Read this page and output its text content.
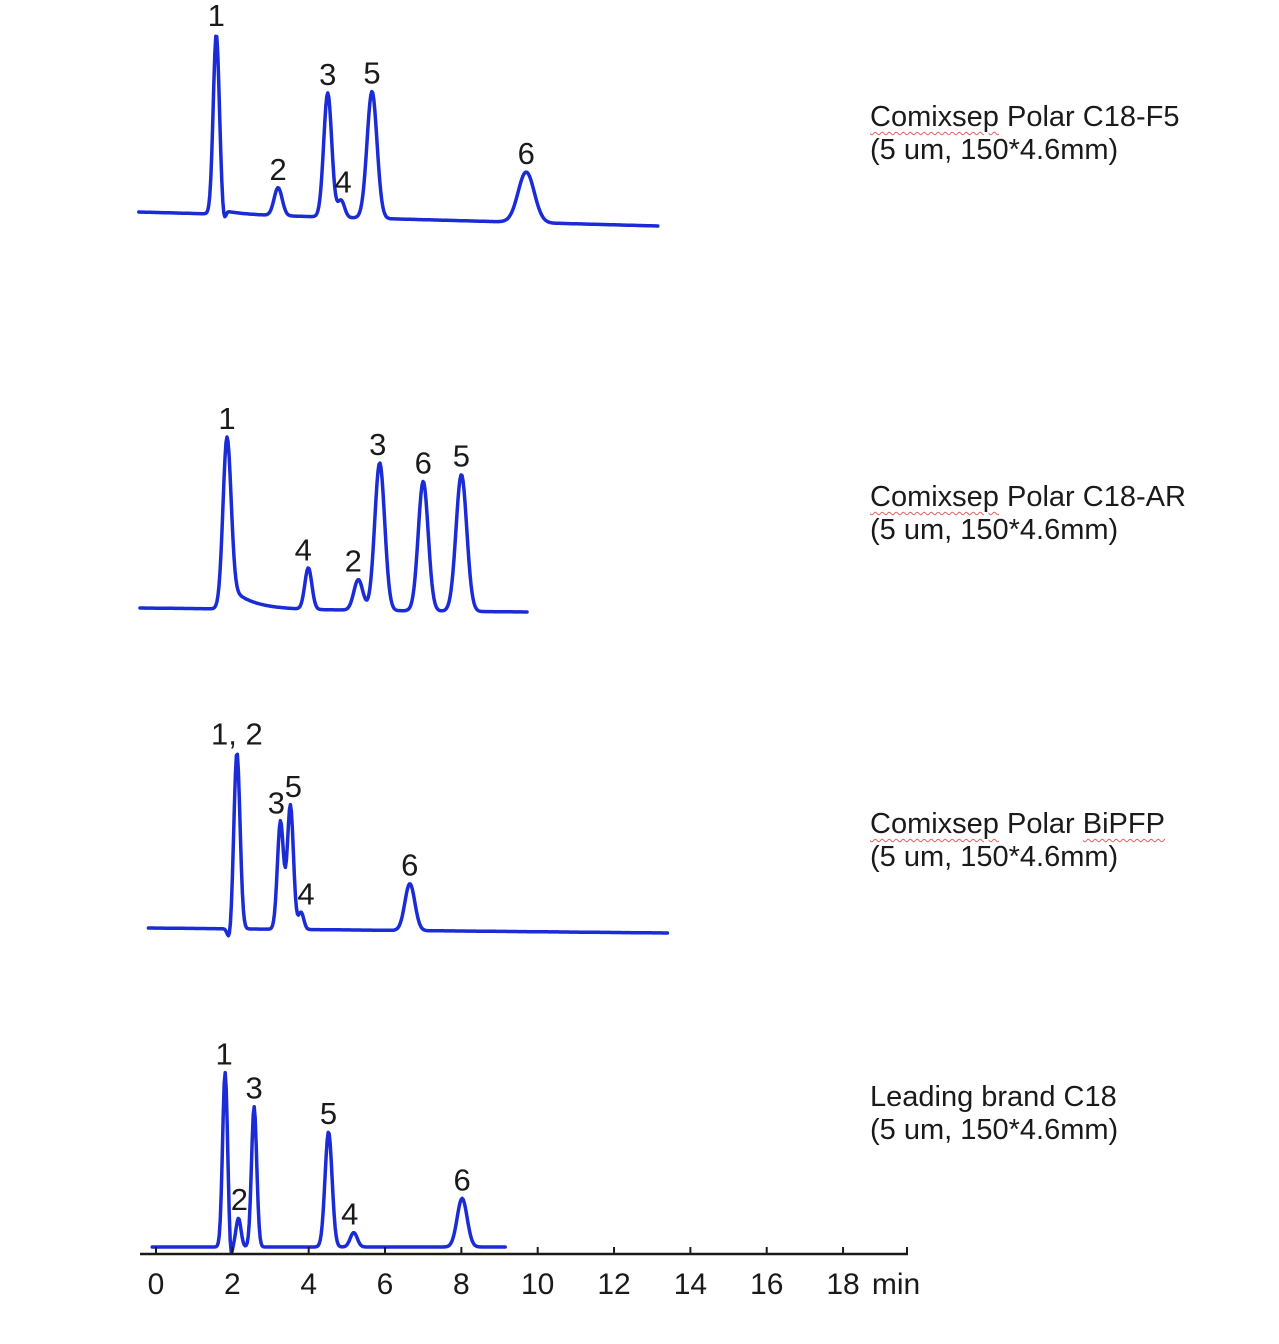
1
2
3
4
5
6
1
4 2
3
6 5
1, 2
3 5
4
6
1
2
3
5
4
6
0 2 4 6 8 10 12 14 16 18 min
Comixsep Polar C18-F5
(5 um, 150*4.6mm)
Comixsep Polar C18-AR
(5 um, 150*4.6mm)
Comixsep Polar BiPFP
(5 um, 150*4.6mm)
Leading brand C18
(5 um, 150*4.6mm)
